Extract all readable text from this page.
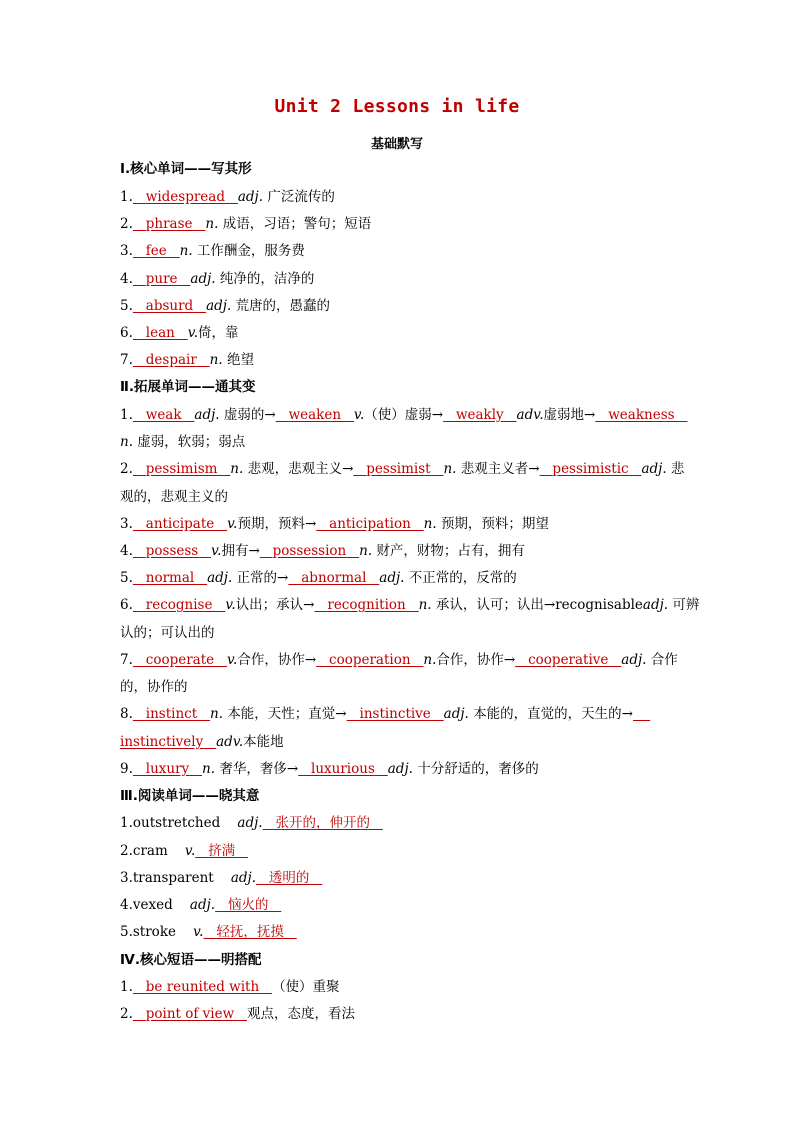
Unit 2 Lessons in life
基础默写
Ⅰ.核心单词——写其形
1. widespread adj. 广泛流传的
2. phrase n. 成语，习语；警句；短语
3. fee n. 工作酬金，服务费
4. pure adj. 纯净的，洁净的
5. absurd adj. 荒唐的，愚蠢的
6. lean v.倚，靠
7. despair n. 绝望
Ⅱ.拓展单词——通其变
1. weak adj. 虚弱的→ weaken v.（使）虚弱→ weakly adv.虚弱地→ weakness
n. 虚弱，软弱；弱点
2. pessimism n. 悲观，悲观主义→ pessimist n. 悲观主义者→ pessimistic adj. 悲
观的，悲观主义的
3. anticipate v.预期，预料→ anticipation n. 预期，预料；期望
4. possess v.拥有→ possession n. 财产，财物；占有，拥有
5. normal adj. 正常的→ abnormal adj. 不正常的，反常的
6. recognise v.认出；承认→ recognition n. 承认，认可；认出→recognisableadj. 可辨
认的；可认出的
7. cooperate v.合作，协作→ cooperation n.合作，协作→ cooperative adj. 合作
的，协作的
8. instinct n. 本能，天性；直觉→ instinctive adj. 本能的，直觉的，天生的→
instinctively adv.本能地
9. luxury n. 奢华，奢侈→ luxurious adj. 十分舒适的，奢侈的
Ⅲ.阅读单词——晓其意
1.outstretched adj. 张开的，伸开的
2.cram v. 挤满
3.transparent adj. 透明的
4.vexed adj. 恼火的
5.stroke v. 轻抚，抚摸
Ⅳ.核心短语——明搭配
1. be reunited with （使）重聚
2. point of view 观点，态度，看法
